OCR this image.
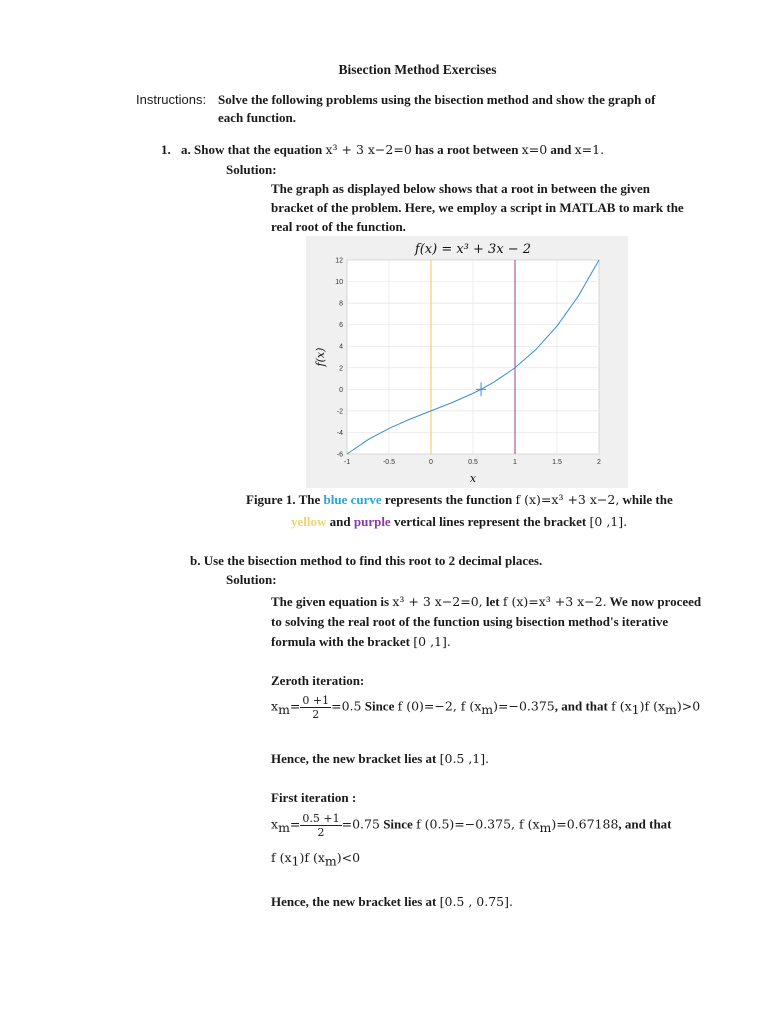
Bisection Method Exercises
Instructions: Solve the following problems using the bisection method and show the graph of
each function.
1. a. Show that the equation x³ + 3 x−2=0 has a root between x=0 and x=1.
Solution:
The graph as displayed below shows that a root in between the given
bracket of the problem. Here, we employ a script in MATLAB to mark the
real root of the function.
-1	-0.5	0	0.5	1	1.5	2
-6
-4
-2
0
2
4
6
8
10
12
f(x) = x³ + 3x − 2
x
f(x)
Figure 1. The blue curve represents the function f (x)=x³ +3 x−2, while the
yellow and purple vertical lines represent the bracket [0 ,1].
b. Use the bisection method to find this root to 2 decimal places.
Solution:
The given equation is x³ + 3 x−2=0, let f (x)=x³ +3 x−2. We now proceed
to solving the real root of the function using bisection method's iterative
formula with the bracket [0 ,1].
Zeroth iteration:
$x_m= \frac{0 +1}{2} =0.5$ Since f (0)=−2, f $(x_m)=-0.375$, and that f $(x_1)f$ $(x_m)>0$
Hence, the new bracket lies at [0.5 ,1].
First iteration :
$x_m= \frac{0.5 +1}{2} =0.75$ Since f (0.5)=−0.375, f $(x_m)=0.67188$, and that
f $(x_1)f$ $(x_m)<0$
Hence, the new bracket lies at [0.5 , 0.75].
